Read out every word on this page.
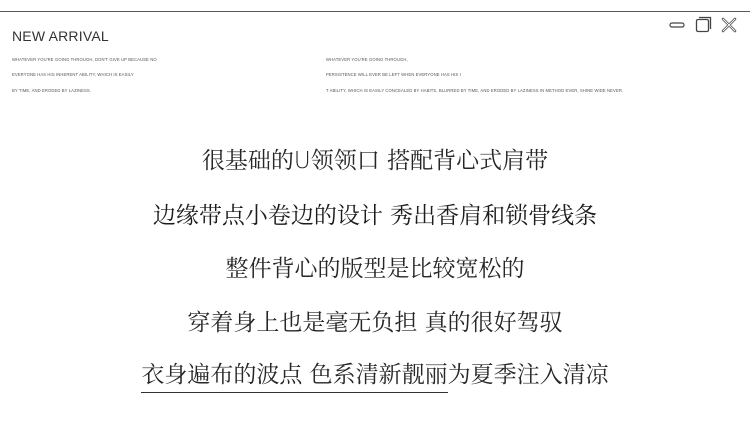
NEW ARRIVAL
WHATEVER YOU'RE GOING THROUGH, DON'T GIVE UP BECAUSE NO
EVERYONE HAS HIS INHERENT ABILITY, WHICH IS EASILY
BY TIME, AND ERODED BY LAZINESS.
WHATEVER YOU'RE GOING THROUGH,
PERSISTENCE WILL EVER BE LEFT WHEN EVERYONE HAS HIS I
T ABILITY, WHICH IS EASILY CONCEALED BY HABITS, BLURRED BY TIME, AND ERODED BY LAZINESS IN METHOD EVER, SHINE WIDE NEVER.
很基础的U领领口 搭配背心式肩带
边缘带点小卷边的设计 秀出香肩和锁骨线条
整件背心的版型是比较宽松的
穿着身上也是毫无负担 真的很好驾驭
衣身遍布的波点 色系清新靓丽为夏季注入清凉
